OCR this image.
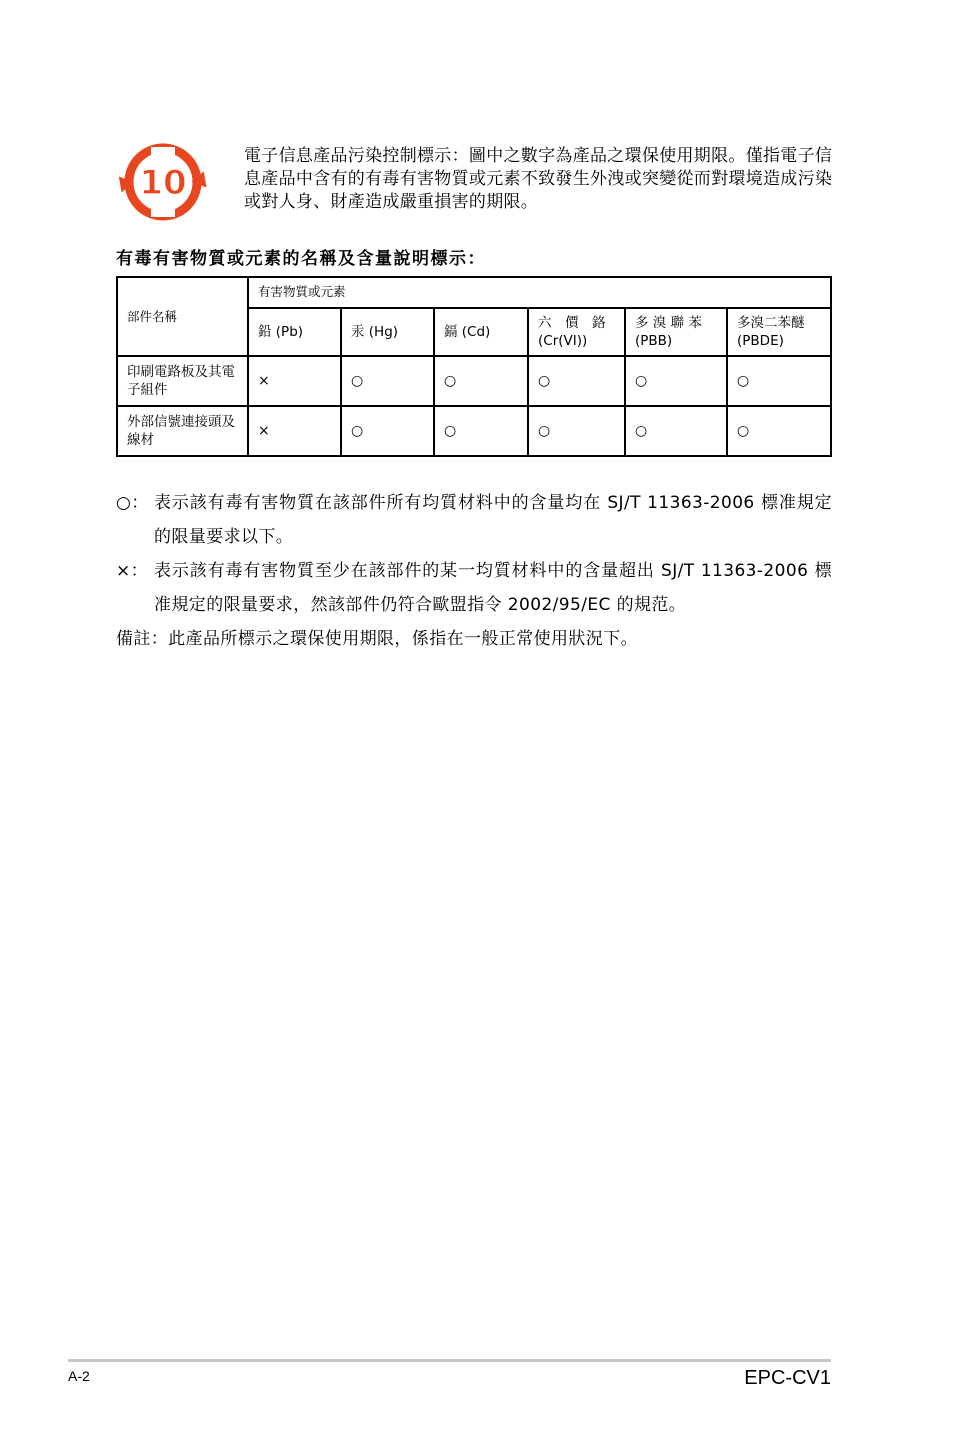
10
電子信息產品污染控制標示：圖中之數字為產品之環保使用期限。僅指電子信息產品中含有的有毒有害物質或元素不致發生外洩或突變從而對環境造成污染或對人身、財產造成嚴重損害的期限。
有毒有害物質或元素的名稱及含量說明標示：
部件名稱	有害物質或元素					
	鉛 (Pb)	汞 (Hg)	鎘 (Cd)	六　價　鉻 (Cr(VI))	多 溴 聯 苯 (PBB)	多溴二苯醚 (PBDE)
印刷電路板及其電子組件	×	○	○	○	○	○
外部信號連接頭及線材	×	○	○	○	○	○
○： 表示該有毒有害物質在該部件所有均質材料中的含量均在 SJ/T 11363-2006 標准規定的限量要求以下。
×： 表示該有毒有害物質至少在該部件的某一均質材料中的含量超出 SJ/T 11363-2006 標准規定的限量要求，然該部件仍符合歐盟指令 2002/95/EC 的規范。
備註：此產品所標示之環保使用期限，係指在一般正常使用狀況下。
A-2	EPC-CV1
